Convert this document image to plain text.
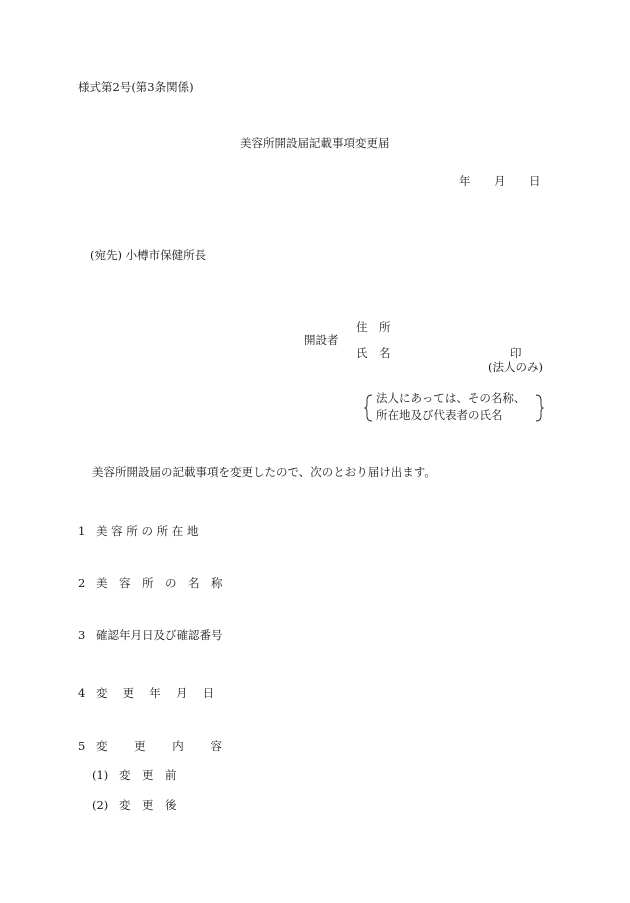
様式第2号(第3条関係)
美容所開設届記載事項変更届
年 月 日
(宛先) 小樽市保健所長
開設者
住　所
氏　名	印
(法人のみ)
法人にあっては、その名称、
所在地及び代表者の氏名
美容所開設届の記載事項を変更したので、次のとおり届け出ます。
1 美 容 所 の 所 在 地
2 美　容　所　の　名　称
3 確認年月日及び確認番号
4 変　 更　 年　 月　 日
5 変　　 更　　 内　　 容
(1) 変　更　前
(2) 変　更　後
